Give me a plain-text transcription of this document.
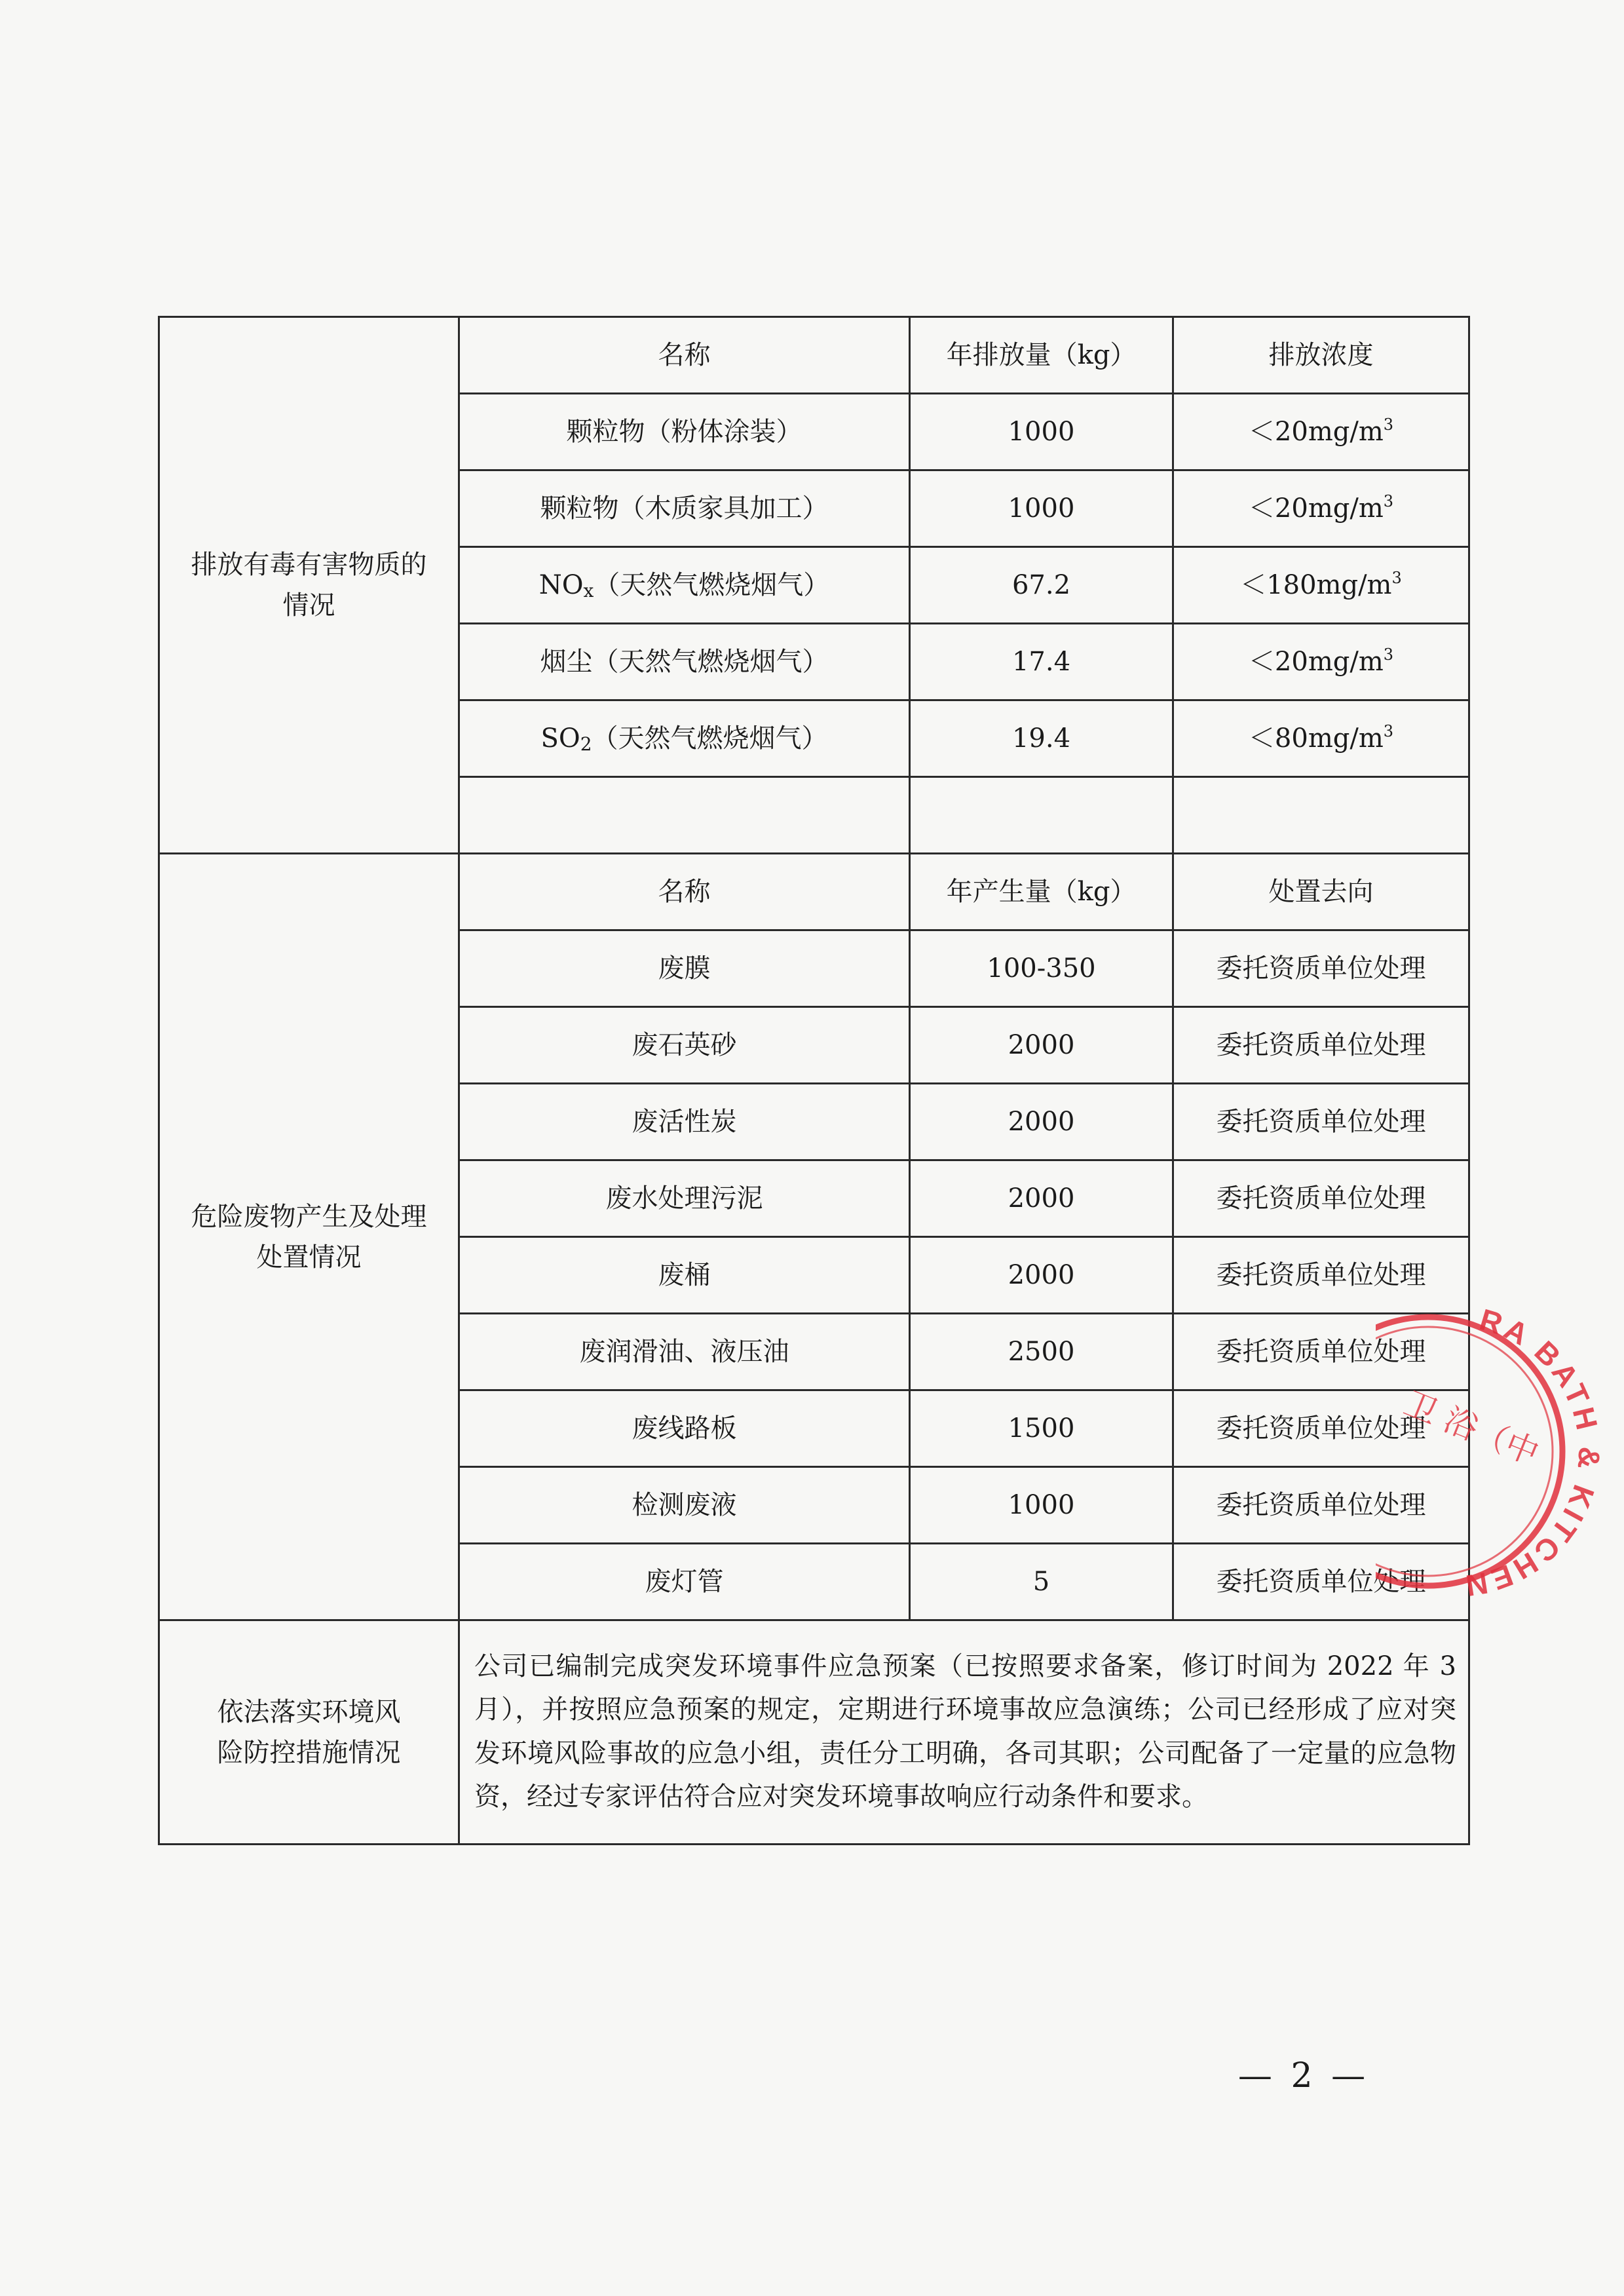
排放有毒有害物质的
情况	名称	年排放量（kg）	排放浓度
	颗粒物（粉体涂装）	1000	$<20mg/m^3$
	颗粒物（木质家具加工）	1000	$<20mg/m^3$
	$NO_x$（天然气燃烧烟气）	67.2	$<180mg/m^3$
	烟尘（天然气燃烧烟气）	17.4	$<20mg/m^3$
	$SO_2$（天然气燃烧烟气）	19.4	$<80mg/m^3$

危险废物产生及处理
处置情况	名称	年产生量（kg）	处置去向
	废膜	100-350	委托资质单位处理
	废石英砂	2000	委托资质单位处理
	废活性炭	2000	委托资质单位处理
	废水处理污泥	2000	委托资质单位处理
	废桶	2000	委托资质单位处理
	废润滑油、液压油	2500	委托资质单位处理
	废线路板	1500	委托资质单位处理
	检测废液	1000	委托资质单位处理
	废灯管	5	委托资质单位处理
依法落实环境风
险防控措施情况	公司已编制完成突发环境事件应急预案（已按照要求备案，修订时间为 2022 年 3 月），并按照应急预案的规定，定期进行环境事故应急演练；公司已经形成了应对突发环境风险事故的应急小组，责任分工明确，各司其职；公司配备了一定量的应急物资，经过专家评估符合应对突发环境事故响应行动条件和要求。		
— 2 —
RA BATH & KITCHEN
卫 浴（中
